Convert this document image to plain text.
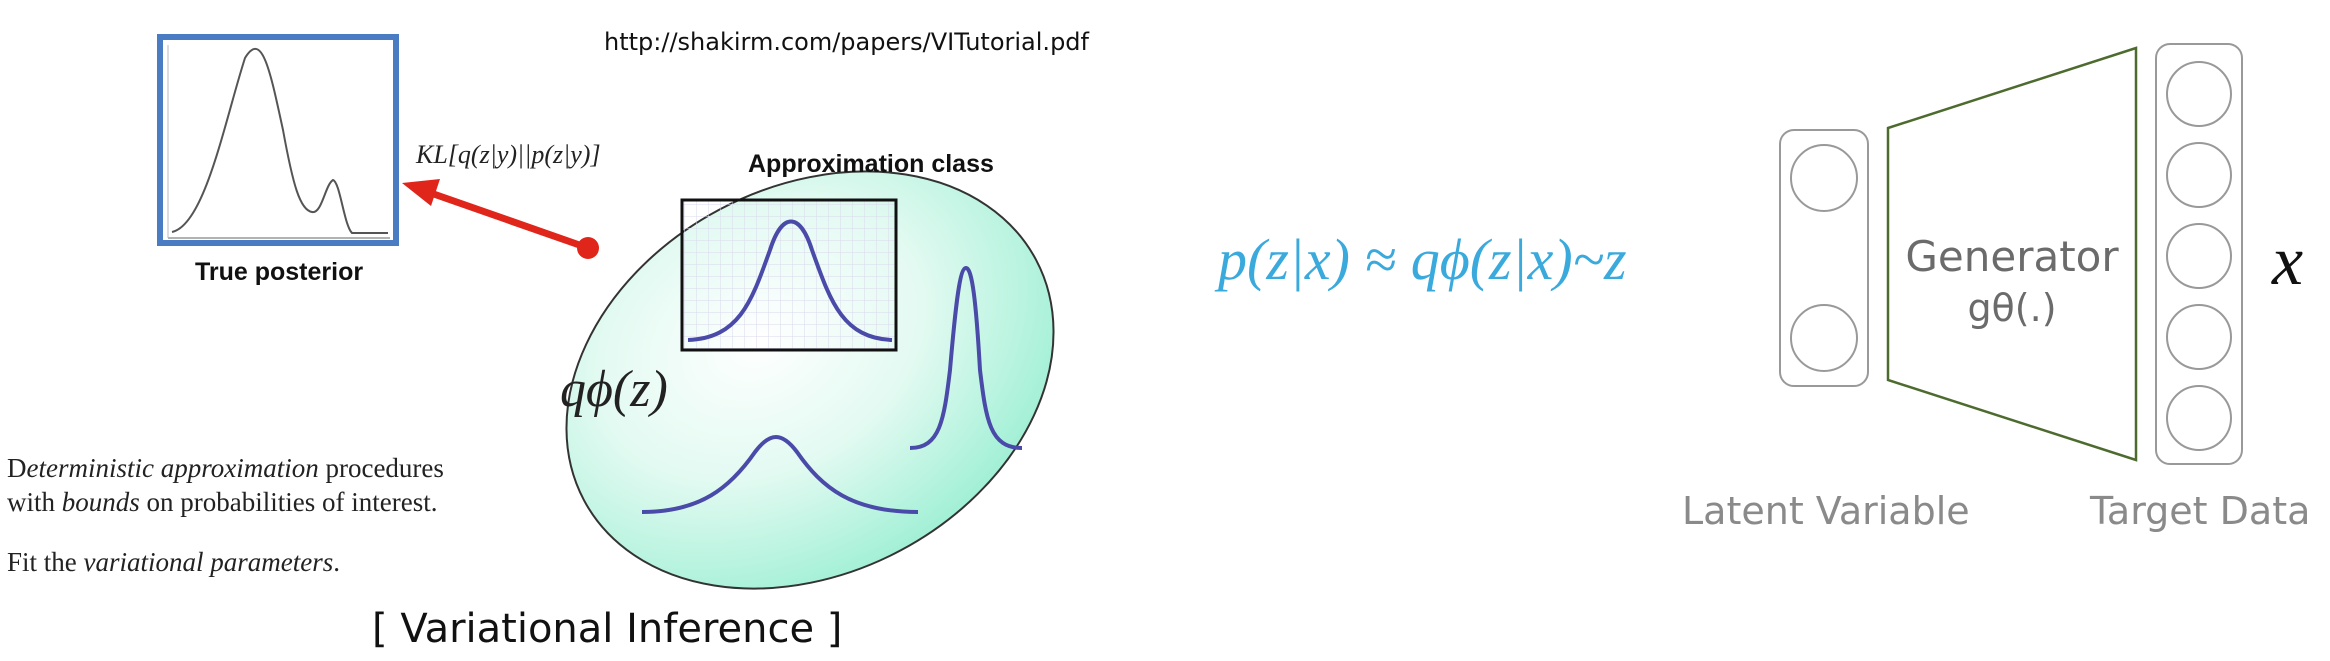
http://shakirm.com/papers/VITutorial.pdf
True posterior
KL[q(z|y)||p(z|y)]	Approximation class
qϕ(z)
Deterministic approximation procedures
with bounds on probabilities of interest.
Fit the variational parameters.
[ Variational Inference ]
p(z|x) ≈ qϕ(z|x)~z	Generator
gθ(.)
Latent Variable	Target Data
x
